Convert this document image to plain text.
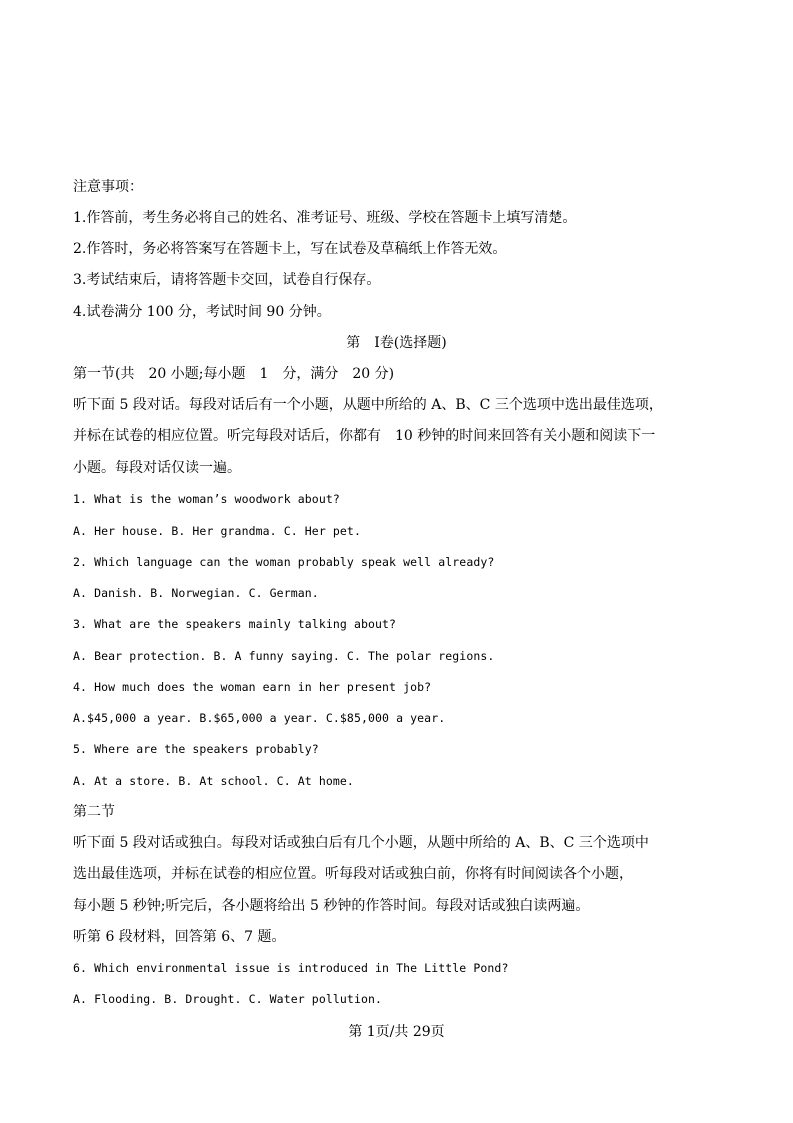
注意事项：
1.作答前，考生务必将自己的姓名、准考证号、班级、学校在答题卡上填写清楚。
2.作答时，务必将答案写在答题卡上，写在试卷及草稿纸上作答无效。
3.考试结束后，请将答题卡交回，试卷自行保存。
4.试卷满分 100 分，考试时间 90 分钟。
第　I卷(选择题)
第一节(共　20 小题;每小题　1　分，满分　20 分)
听下面 5 段对话。每段对话后有一个小题，从题中所给的 A、B、C 三个选项中选出最佳选项，
并标在试卷的相应位置。听完每段对话后，你都有　10 秒钟的时间来回答有关小题和阅读下一
小题。每段对话仅读一遍。
1. What is the woman’s woodwork about?
A. Her house. B. Her grandma. C. Her pet.
2. Which language can the woman probably speak well already?
A. Danish. B. Norwegian. C. German.
3. What are the speakers mainly talking about?
A. Bear protection. B. A funny saying. C. The polar regions.
4. How much does the woman earn in her present job?
A.$45,000 a year. B.$65,000 a year. C.$85,000 a year.
5. Where are the speakers probably?
A. At a store. B. At school. C. At home.
第二节
听下面 5 段对话或独白。每段对话或独白后有几个小题，从题中所给的 A、B、C 三个选项中
选出最佳选项，并标在试卷的相应位置。听每段对话或独白前，你将有时间阅读各个小题，
每小题 5 秒钟;听完后，各小题将给出 5 秒钟的作答时间。每段对话或独白读两遍。
听第 6 段材料，回答第 6、7 题。
6. Which environmental issue is introduced in The Little Pond?
A. Flooding. B. Drought. C. Water pollution.
第 1页/共 29页
